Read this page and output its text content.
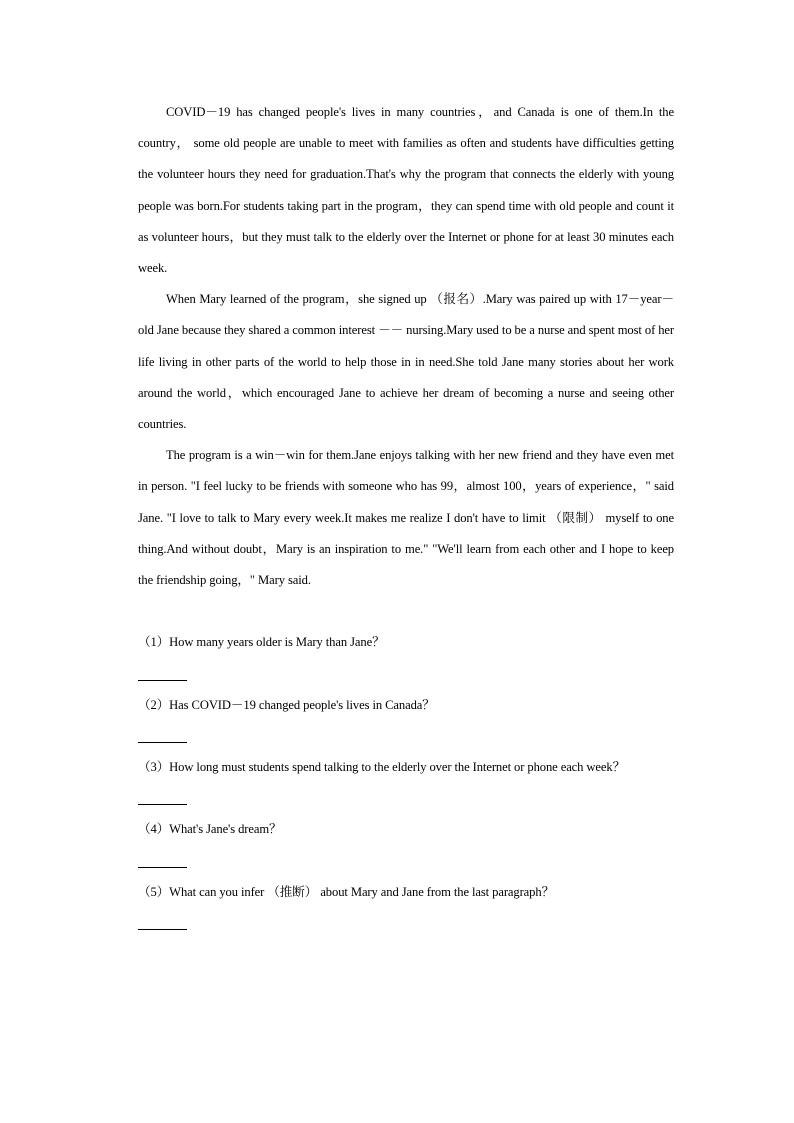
COVID－19 has changed people's lives in many countries，and Canada is one of them.In the country， some old people are unable to meet with families as often and students have difficulties getting the volunteer hours they need for graduation.That's why the program that connects the elderly with young people was born.For students taking part in the program，they can spend time with old people and count it as volunteer hours，but they must talk to the elderly over the Internet or phone for at least 30 minutes each week.

When Mary learned of the program，she signed up （报名）.Mary was paired up with 17－year－ old Jane because they shared a common interest －－ nursing.Mary used to be a nurse and spent most of her life living in other parts of the world to help those in in need.She told Jane many stories about her work around the world，which encouraged Jane to achieve her dream of becoming a nurse and seeing other countries.

The program is a win－win for them.Jane enjoys talking with her new friend and they have even met in person. "I feel lucky to be friends with someone who has 99，almost 100，years of experience，" said Jane. "I love to talk to Mary every week.It makes me realize I don't have to limit （限制） myself to one thing.And without doubt，Mary is an inspiration to me." "We'll learn from each other and I hope to keep the friendship going，" Mary said.

（1）How many years older is Mary than Jane？

（2）Has COVID－19 changed people's lives in Canada？

（3）How long must students spend talking to the elderly over the Internet or phone each week？

（4）What's Jane's dream？

（5）What can you infer （推断） about Mary and Jane from the last paragraph？
